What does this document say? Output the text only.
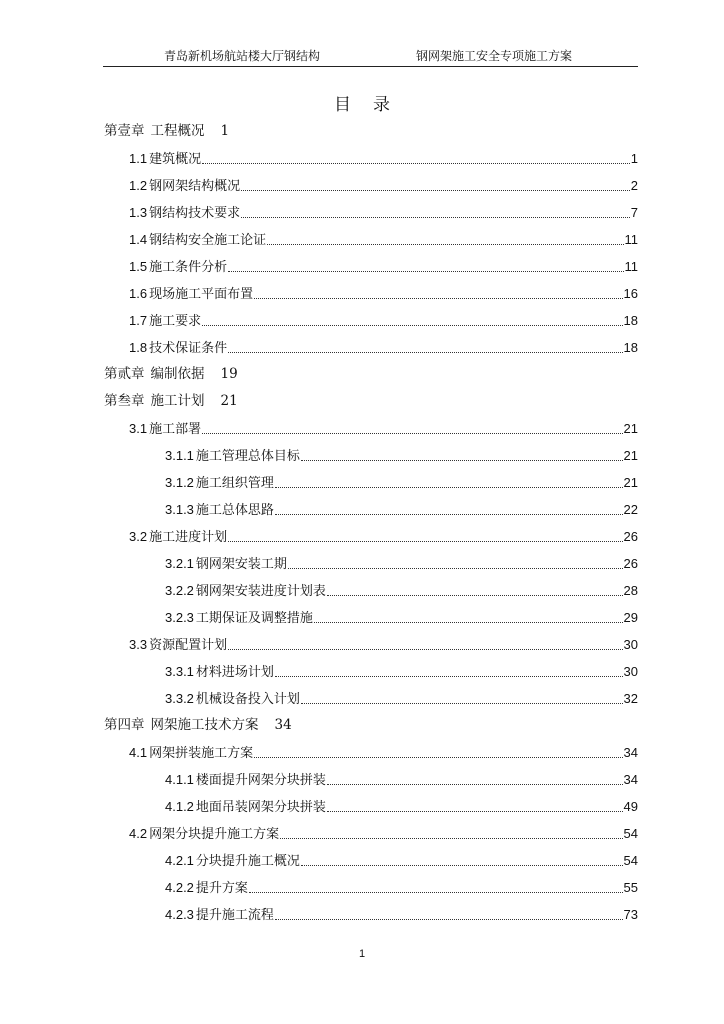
青岛新机场航站楼大厅钢结构	钢网架施工安全专项施工方案
目录
第壹章 工程概况 1
1.1 建筑概况	1
1.2 钢网架结构概况	2
1.3 钢结构技术要求	7
1.4 钢结构安全施工论证	11
1.5 施工条件分析	11
1.6 现场施工平面布置	16
1.7 施工要求	18
1.8 技术保证条件	18
第贰章 编制依据 19
第叁章 施工计划 21
3.1 施工部署	21
3.1.1 施工管理总体目标	21
3.1.2 施工组织管理	21
3.1.3 施工总体思路	22
3.2 施工进度计划	26
3.2.1 钢网架安装工期	26
3.2.2 钢网架安装进度计划表	28
3.2.3 工期保证及调整措施	29
3.3 资源配置计划	30
3.3.1 材料进场计划	30
3.3.2 机械设备投入计划	32
第四章 网架施工技术方案 34
4.1 网架拼装施工方案	34
4.1.1 楼面提升网架分块拼装	34
4.1.2 地面吊装网架分块拼装	49
4.2 网架分块提升施工方案	54
4.2.1 分块提升施工概况	54
4.2.2 提升方案	55
4.2.3 提升施工流程	73
1
